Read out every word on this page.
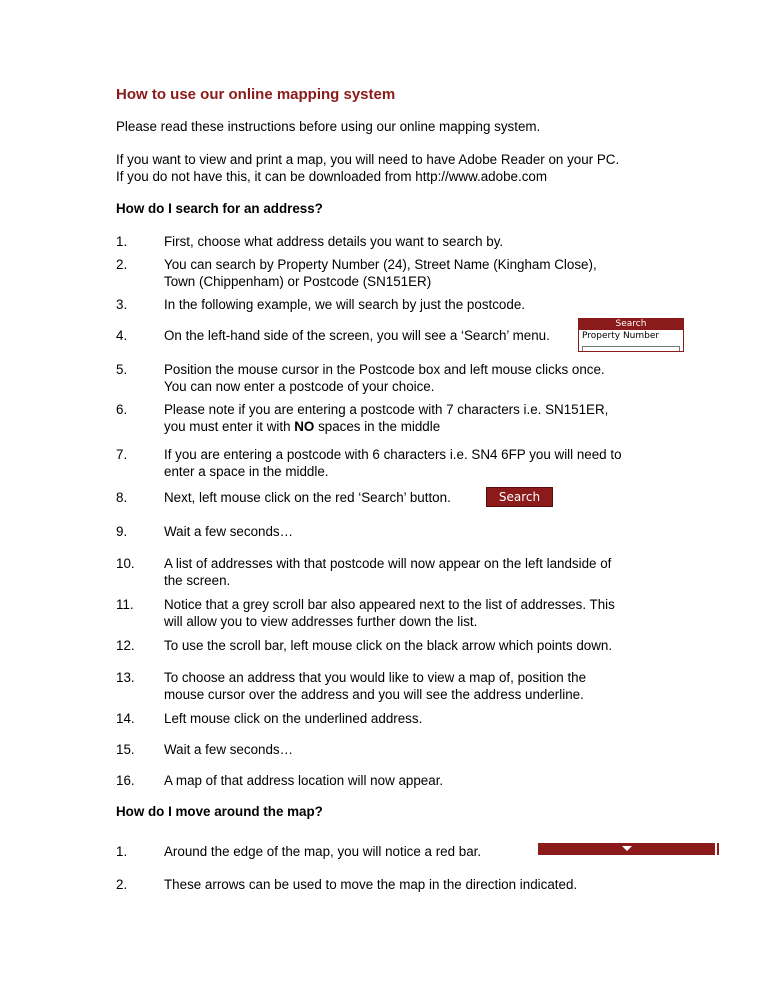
How to use our online mapping system

Please read these instructions before using our online mapping system.

If you want to view and print a map, you will need to have Adobe Reader on your PC.

If you do not have this, it can be downloaded from http://www.adobe.com

How do I search for an address?

1.	First, choose what address details you want to search by.
2.	You can search by Property Number (24), Street Name (Kingham Close),
Town (Chippenham) or Postcode (SN151ER)
3.	In the following example, we will search by just the postcode.
4.	On the left-hand side of the screen, you will see a ‘Search’ menu.
Search
Property Number
5.	Position the mouse cursor in the Postcode box and left mouse clicks once.
You can now enter a postcode of your choice.
6.	Please note if you are entering a postcode with 7 characters i.e. SN151ER,
you must enter it with NO spaces in the middle
7.	If you are entering a postcode with 6 characters i.e. SN4 6FP you will need to
enter a space in the middle.
8.	Next, left mouse click on the red ‘Search’ button.	Search
9.	Wait a few seconds…
10. A list of addresses with that postcode will now appear on the left landside of
the screen.
11. Notice that a grey scroll bar also appeared next to the list of addresses. This
will allow you to view addresses further down the list.
12. To use the scroll bar, left mouse click on the black arrow which points down.
13. To choose an address that you would like to view a map of, position the
mouse cursor over the address and you will see the address underline.
14. Left mouse click on the underlined address.
15. Wait a few seconds…
16. A map of that address location will now appear.

How do I move around the map?

1.	Around the edge of the map, you will notice a red bar.
2.	These arrows can be used to move the map in the direction indicated.
